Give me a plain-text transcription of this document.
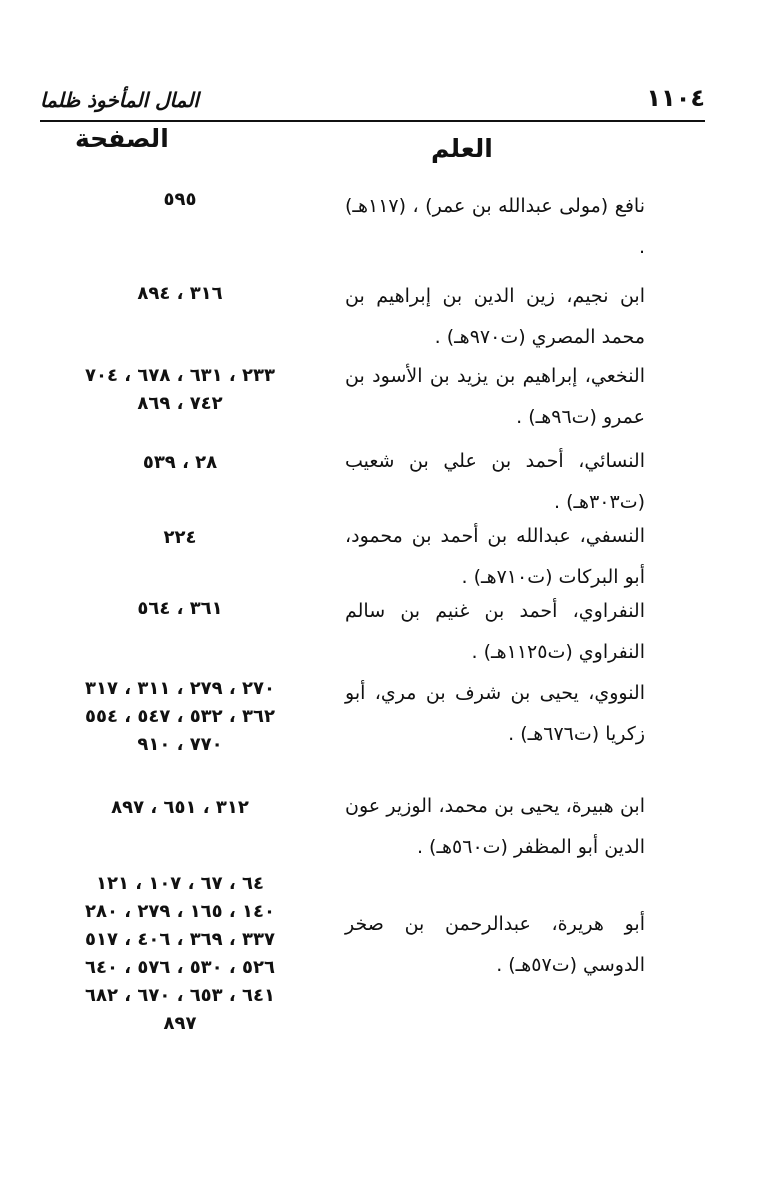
المال المأخوذ ظلما	١١٠٤
الصفحة	العلم
نافع (مولى عبدالله بن عمر) ، (١١٧هـ) .
٥٩٥
ابن نجيم، زين الدين بن إبراهيم بن محمد المصري (ت٩٧٠هـ) .
٣١٦ ، ٨٩٤
النخعي، إبراهيم بن يزيد بن الأسود بن عمرو (ت٩٦هـ) .
٢٣٣ ، ٦٣١ ، ٦٧٨ ، ٧٠٤ ٧٤٢ ، ٨٦٩
النسائي، أحمد بن علي بن شعيب (ت٣٠٣هـ) .
٢٨ ، ٥٣٩
النسفي، عبدالله بن أحمد بن محمود، أبو البركات (ت٧١٠هـ) .
٢٢٤
النفراوي، أحمد بن غنيم بن سالم النفراوي (ت١١٢٥هـ) .
٣٦١ ، ٥٦٤
النووي، يحيى بن شرف بن مري، أبو زكريا (ت٦٧٦هـ) .
٢٧٠ ، ٢٧٩ ، ٣١١ ، ٣١٧ ٣٦٢ ، ٥٣٢ ، ٥٤٧ ، ٥٥٤ ٧٧٠ ، ٩١٠
ابن هبيرة، يحيى بن محمد، الوزير عون الدين أبو المظفر (ت٥٦٠هـ) .
٣١٢ ، ٦٥١ ، ٨٩٧
أبو هريرة، عبدالرحمن بن صخر الدوسي (ت٥٧هـ) .
٦٤ ، ٦٧ ، ١٠٧ ، ١٢١ ١٤٠ ، ١٦٥ ، ٢٧٩ ، ٢٨٠ ٣٣٧ ، ٣٦٩ ، ٤٠٦ ، ٥١٧ ٥٢٦ ، ٥٣٠ ، ٥٧٦ ، ٦٤٠ ٦٤١ ، ٦٥٣ ، ٦٧٠ ، ٦٨٢ ٨٩٧
